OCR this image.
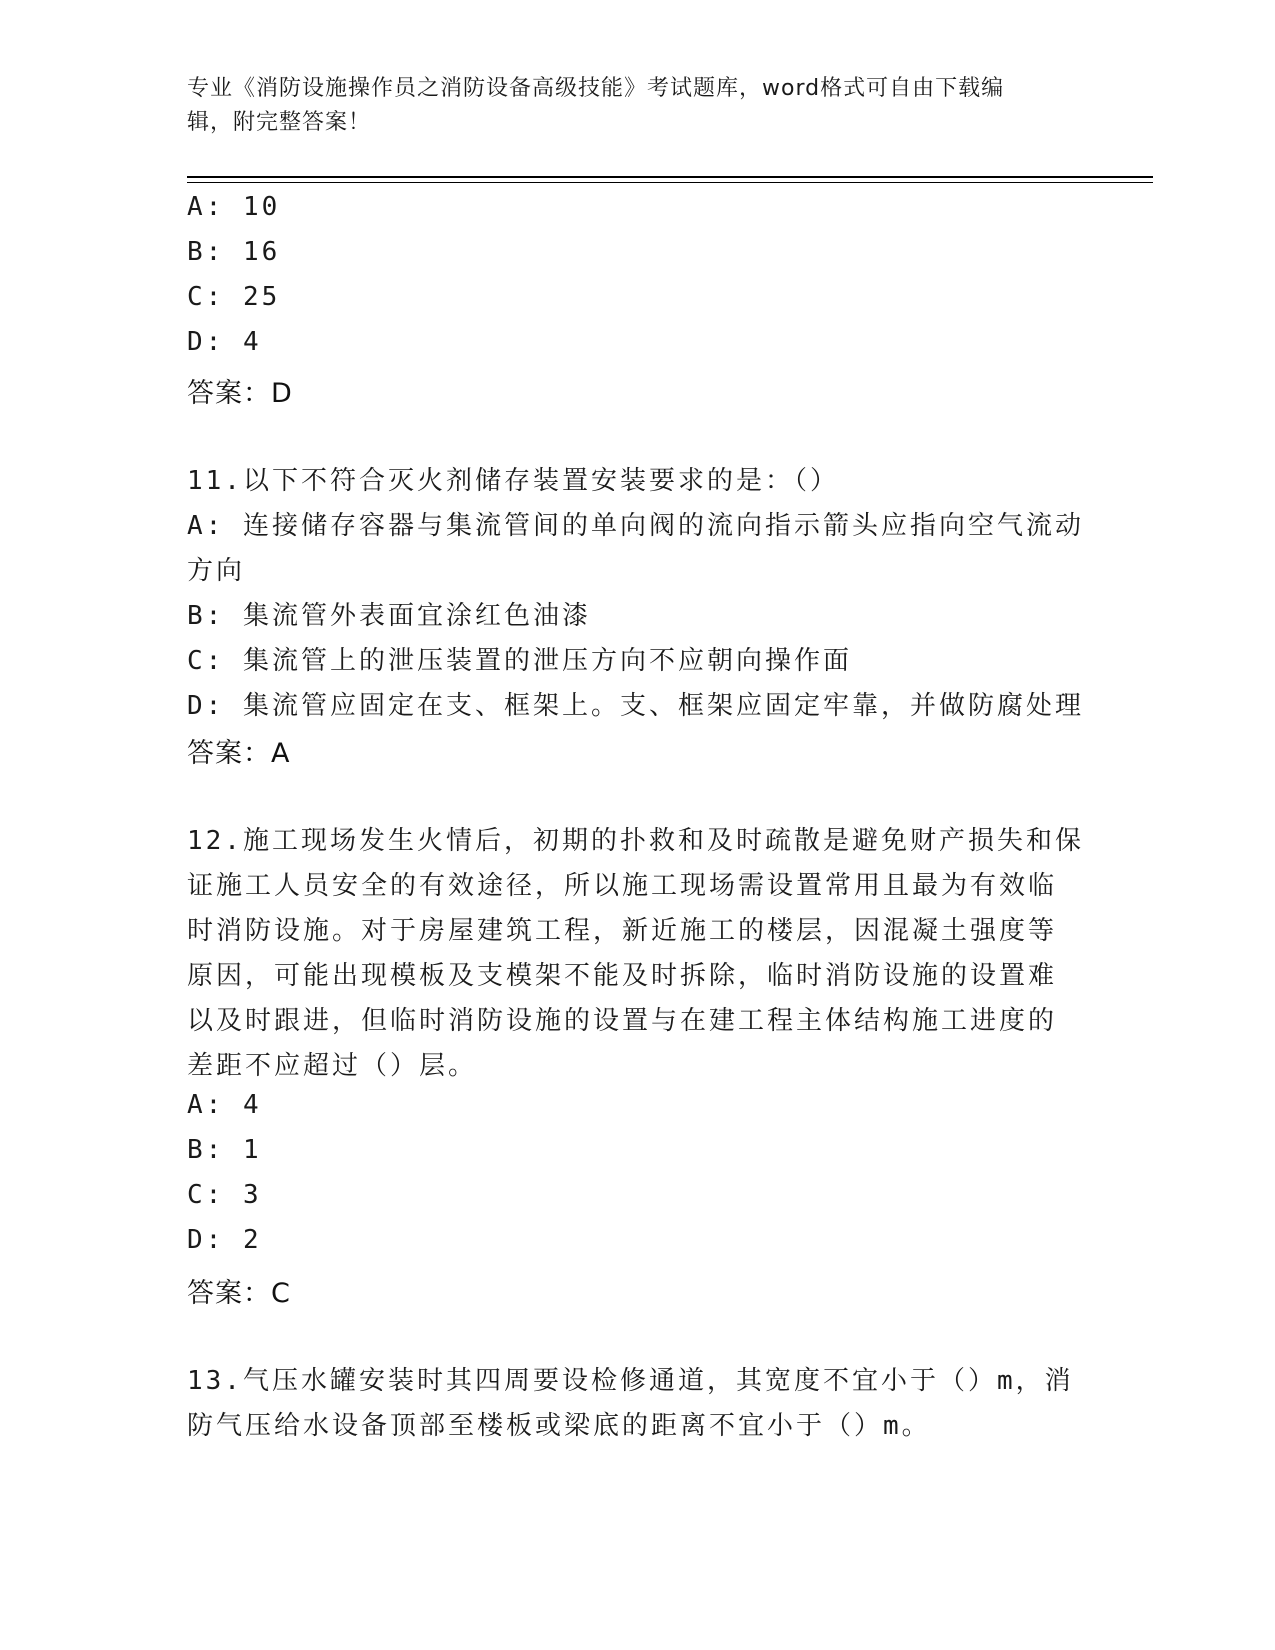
专业《消防设施操作员之消防设备高级技能》考试题库，word格式可自由下载编
辑，附完整答案！
A: 10
B: 16
C: 25
D: 4
答案：D
11.以下不符合灭火剂储存装置安装要求的是：（）
A: 连接储存容器与集流管间的单向阀的流向指示箭头应指向空气流动
方向
B: 集流管外表面宜涂红色油漆
C: 集流管上的泄压装置的泄压方向不应朝向操作面
D: 集流管应固定在支、框架上。支、框架应固定牢靠，并做防腐处理
答案：A
12.施工现场发生火情后，初期的扑救和及时疏散是避免财产损失和保
证施工人员安全的有效途径，所以施工现场需设置常用且最为有效临
时消防设施。对于房屋建筑工程，新近施工的楼层，因混凝土强度等
原因，可能出现模板及支模架不能及时拆除，临时消防设施的设置难
以及时跟进，但临时消防设施的设置与在建工程主体结构施工进度的
差距不应超过（）层。
A: 4
B: 1
C: 3
D: 2
答案：C
13.气压水罐安装时其四周要设检修通道，其宽度不宜小于（）m，消
防气压给水设备顶部至楼板或梁底的距离不宜小于（）m。
